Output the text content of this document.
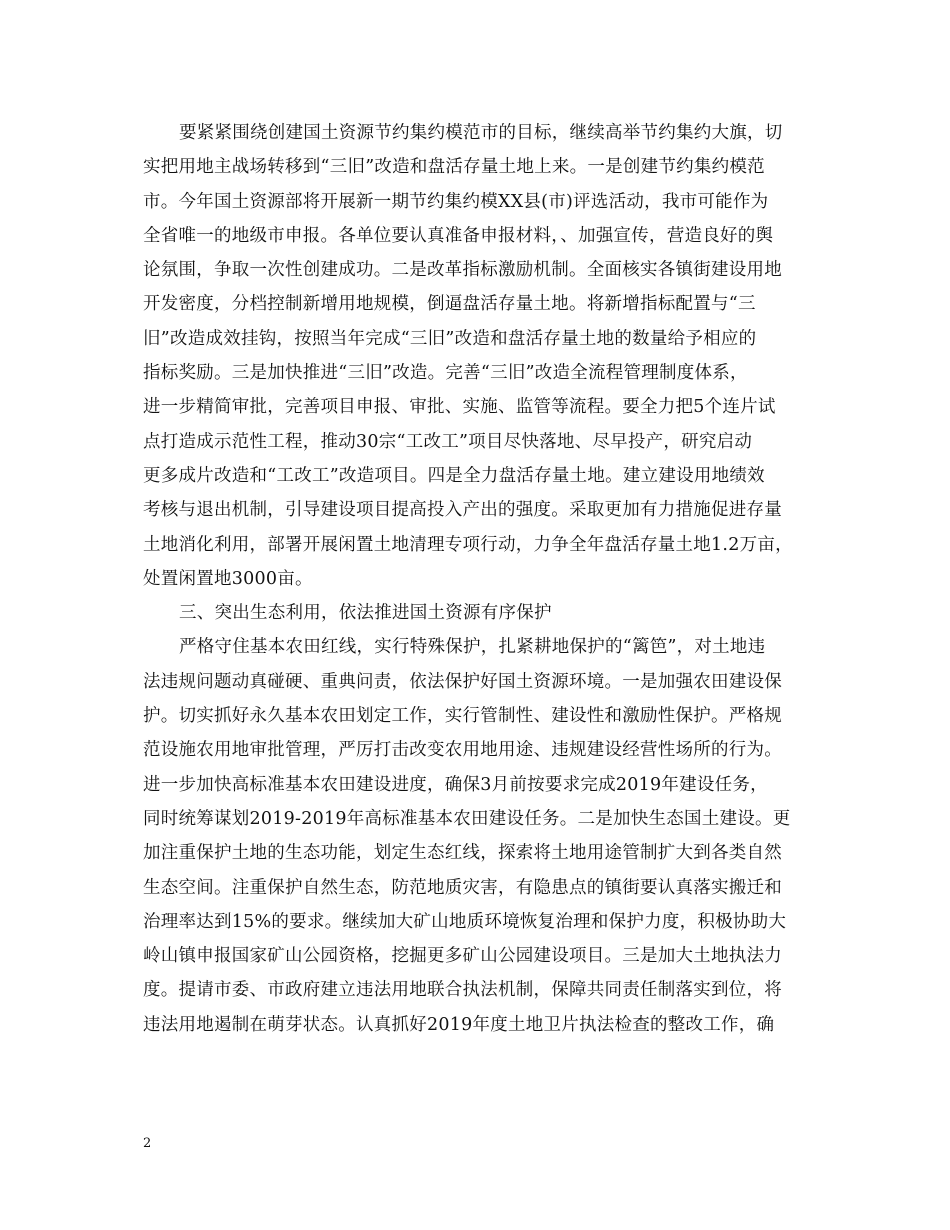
要紧紧围绕创建国土资源节约集约模范市的目标，继续高举节约集约大旗，切
实把用地主战场转移到“三旧”改造和盘活存量土地上来。一是创建节约集约模范
市。今年国土资源部将开展新一期节约集约模XX县(市)评选活动，我市可能作为
全省唯一的地级市申报。各单位要认真准备申报材料，、加强宣传，营造良好的舆
论氛围，争取一次性创建成功。二是改革指标激励机制。全面核实各镇街建设用地
开发密度，分档控制新增用地规模，倒逼盘活存量土地。将新增指标配置与“三
旧”改造成效挂钩，按照当年完成“三旧”改造和盘活存量土地的数量给予相应的
指标奖励。三是加快推进“三旧”改造。完善“三旧”改造全流程管理制度体系，
进一步精简审批，完善项目申报、审批、实施、监管等流程。要全力把5个连片试
点打造成示范性工程，推动30宗“工改工”项目尽快落地、尽早投产，研究启动
更多成片改造和“工改工”改造项目。四是全力盘活存量土地。建立建设用地绩效
考核与退出机制，引导建设项目提高投入产出的强度。采取更加有力措施促进存量
土地消化利用，部署开展闲置土地清理专项行动，力争全年盘活存量土地1.2万亩，
处置闲置地3000亩。
三、突出生态利用，依法推进国土资源有序保护
严格守住基本农田红线，实行特殊保护，扎紧耕地保护的“篱笆”，对土地违
法违规问题动真碰硬、重典问责，依法保护好国土资源环境。一是加强农田建设保
护。切实抓好永久基本农田划定工作，实行管制性、建设性和激励性保护。严格规
范设施农用地审批管理，严厉打击改变农用地用途、违规建设经营性场所的行为。
进一步加快高标准基本农田建设进度，确保3月前按要求完成2019年建设任务，
同时统筹谋划2019-2019年高标准基本农田建设任务。二是加快生态国土建设。更
加注重保护土地的生态功能，划定生态红线，探索将土地用途管制扩大到各类自然
生态空间。注重保护自然生态，防范地质灾害，有隐患点的镇街要认真落实搬迁和
治理率达到15%的要求。继续加大矿山地质环境恢复治理和保护力度，积极协助大
岭山镇申报国家矿山公园资格，挖掘更多矿山公园建设项目。三是加大土地执法力
度。提请市委、市政府建立违法用地联合执法机制，保障共同责任制落实到位，将
违法用地遏制在萌芽状态。认真抓好2019年度土地卫片执法检查的整改工作，确
2
